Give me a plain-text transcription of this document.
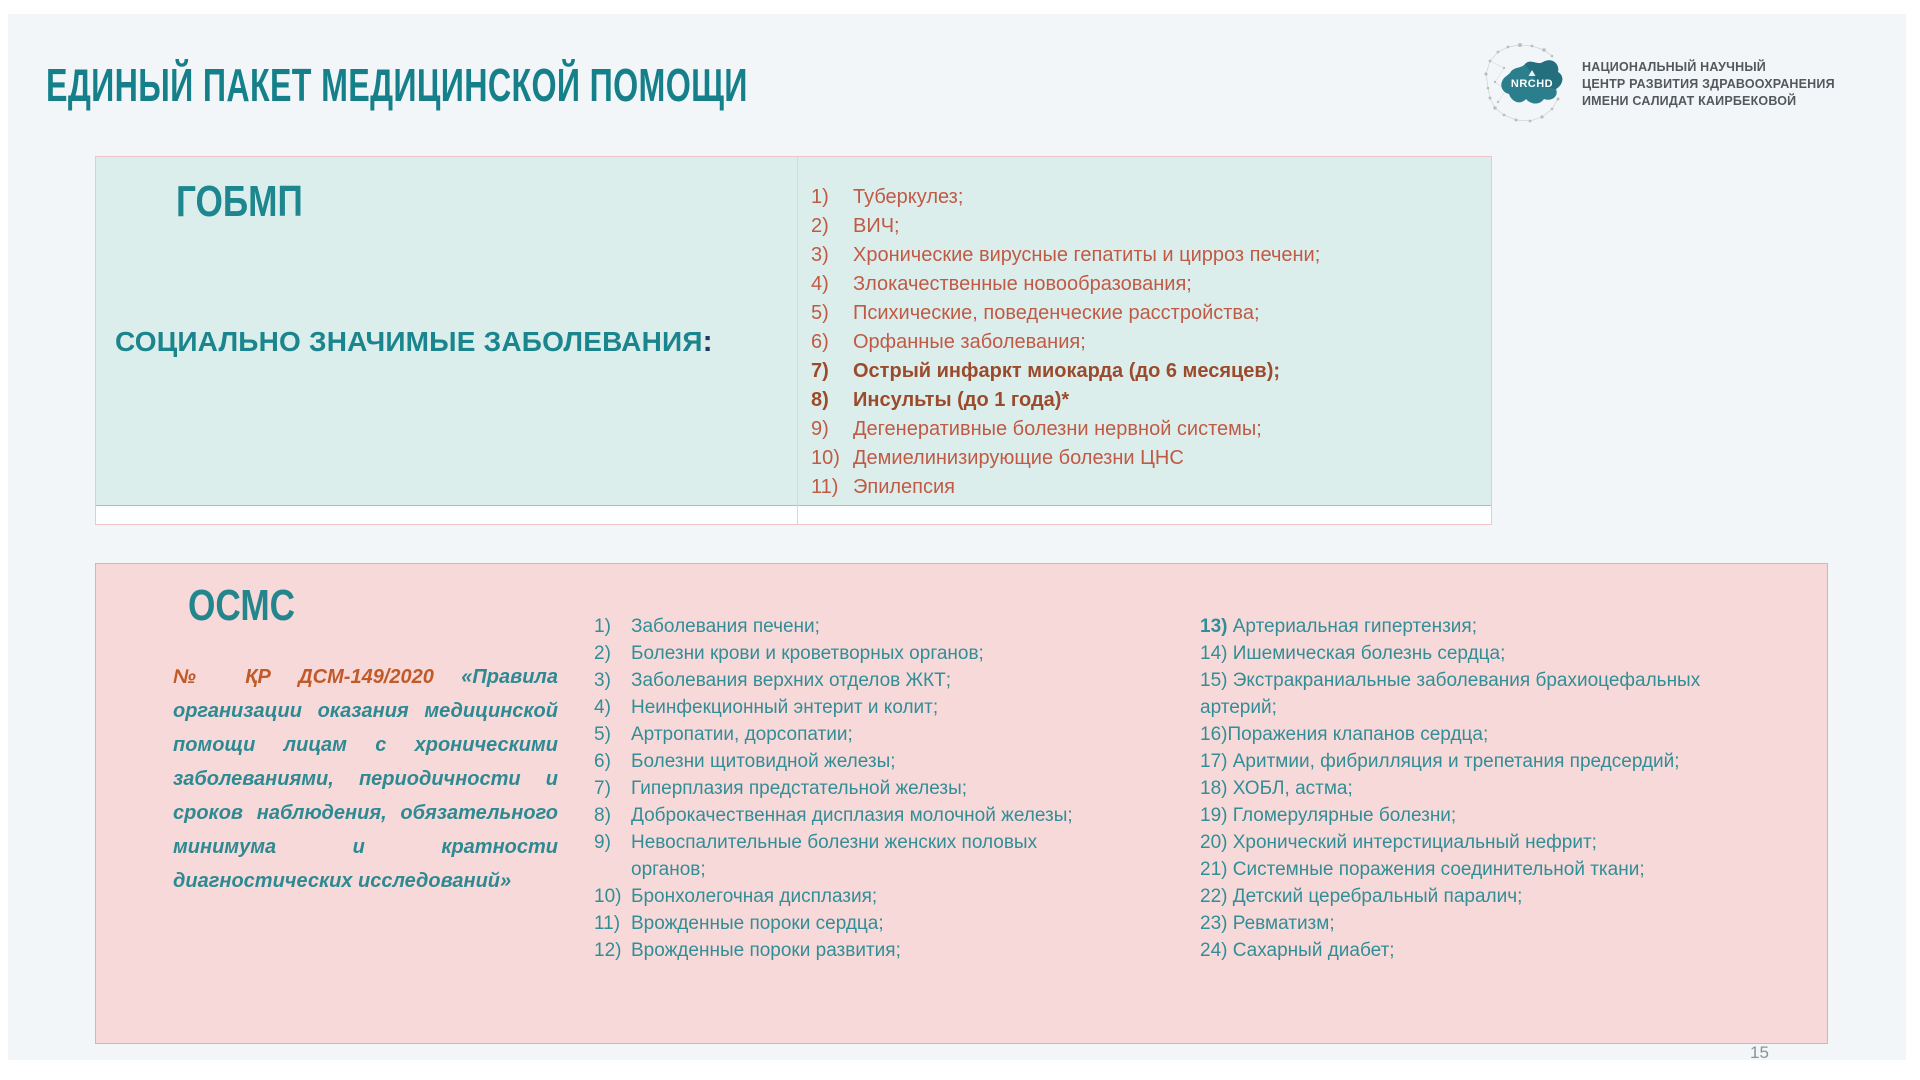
ЕДИНЫЙ ПАКЕТ МЕДИЦИНСКОЙ ПОМОЩИ	NRCHD
НАЦИОНАЛЬНЫЙ НАУЧНЫЙ
ЦЕНТР РАЗВИТИЯ ЗДРАВООХРАНЕНИЯ
ИМЕНИ САЛИДАТ КАИРБЕКОВОЙ
ГОБМП
СОЦИАЛЬНО ЗНАЧИМЫЕ ЗАБОЛЕВАНИЯ:
1)	Туберкулез;
2)	ВИЧ;
3)	Хронические вирусные гепатиты и цирроз печени;
4)	Злокачественные новообразования;
5)	Психические, поведенческие расстройства;
6)	Орфанные заболевания;
7)	Острый инфаркт миокарда (до 6 месяцев);
8)	Инсульты (до 1 года)*
9)	Дегенеративные болезни нервной системы;
10) Демиелинизирующие болезни ЦНС
11) Эпилепсия
ОСМС

№ ҚР ДСМ-149/2020 «Правила организации оказания медицинской помощи лицам с хроническими заболеваниями, периодичности и сроков наблюдения, обязательного минимума и кратности диагностических исследований»

1)	Заболевания печени;
2)	Болезни крови и кроветворных органов;
3)	Заболевания верхних отделов ЖКТ;
4)	Неинфекционный энтерит и колит;
5)	Артропатии, дорсопатии;
6)	Болезни щитовидной железы;
7)	Гиперплазия предстательной железы;
8)	Доброкачественная дисплазия молочной железы;
9)	Невоспалительные болезни женских половых органов;
10) Бронхолегочная дисплазия;
11) Врожденные пороки сердца;
12) Врожденные пороки развития;
13) Артериальная гипертензия;
14) Ишемическая болезнь сердца;
15) Экстракраниальные заболевания брахиоцефальных артерий;
16)Поражения клапанов сердца;
17) Аритмии, фибрилляция и трепетания предсердий;
18) ХОБЛ, астма;
19) Гломерулярные болезни;
20) Хронический интерстициальный нефрит;
21) Системные поражения соединительной ткани;
22) Детский церебральный паралич;
23) Ревматизм;
24) Сахарный диабет;
15
